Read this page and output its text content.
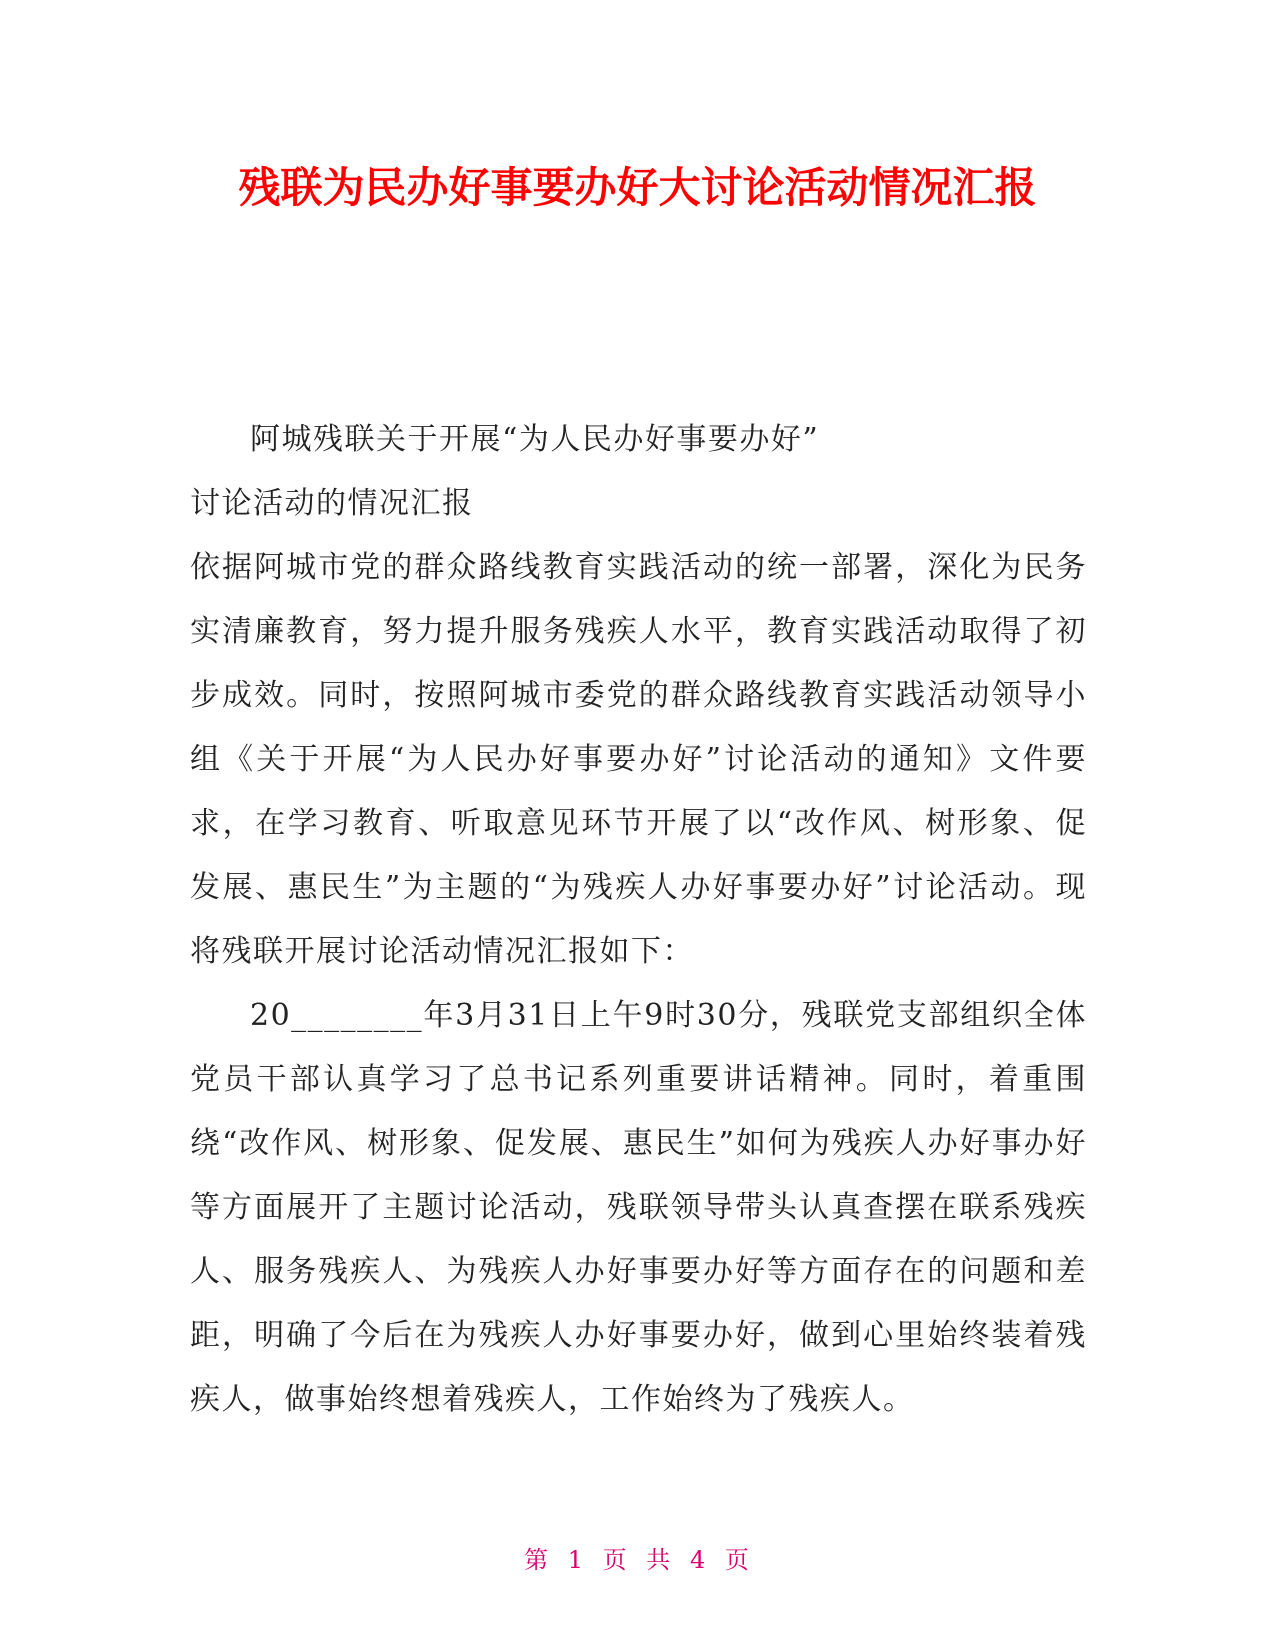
残联为民办好事要办好大讨论活动情况汇报

阿城残联关于开展“为人民办好事要办好”

讨论活动的情况汇报

依据阿城市党的群众路线教育实践活动的统一部署，深化为民务实清廉教育，努力提升服务残疾人水平，教育实践活动取得了初步成效。同时，按照阿城市委党的群众路线教育实践活动领导小组《关于开展“为人民办好事要办好”讨论活动的通知》文件要求，在学习教育、听取意见环节开展了以“改作风、树形象、促发展、惠民生”为主题的“为残疾人办好事要办好”讨论活动。现将残联开展讨论活动情况汇报如下：

20________年3月31日上午9时30分，残联党支部组织全体党员干部认真学习了总书记系列重要讲话精神。同时，着重围绕“改作风、树形象、促发展、惠民生”如何为残疾人办好事办好等方面展开了主题讨论活动，残联领导带头认真查摆在联系残疾人、服务残疾人、为残疾人办好事要办好等方面存在的问题和差距，明确了今后在为残疾人办好事要办好，做到心里始终装着残疾人，做事始终想着残疾人，工作始终为了残疾人。

第 1 页 共 4 页
